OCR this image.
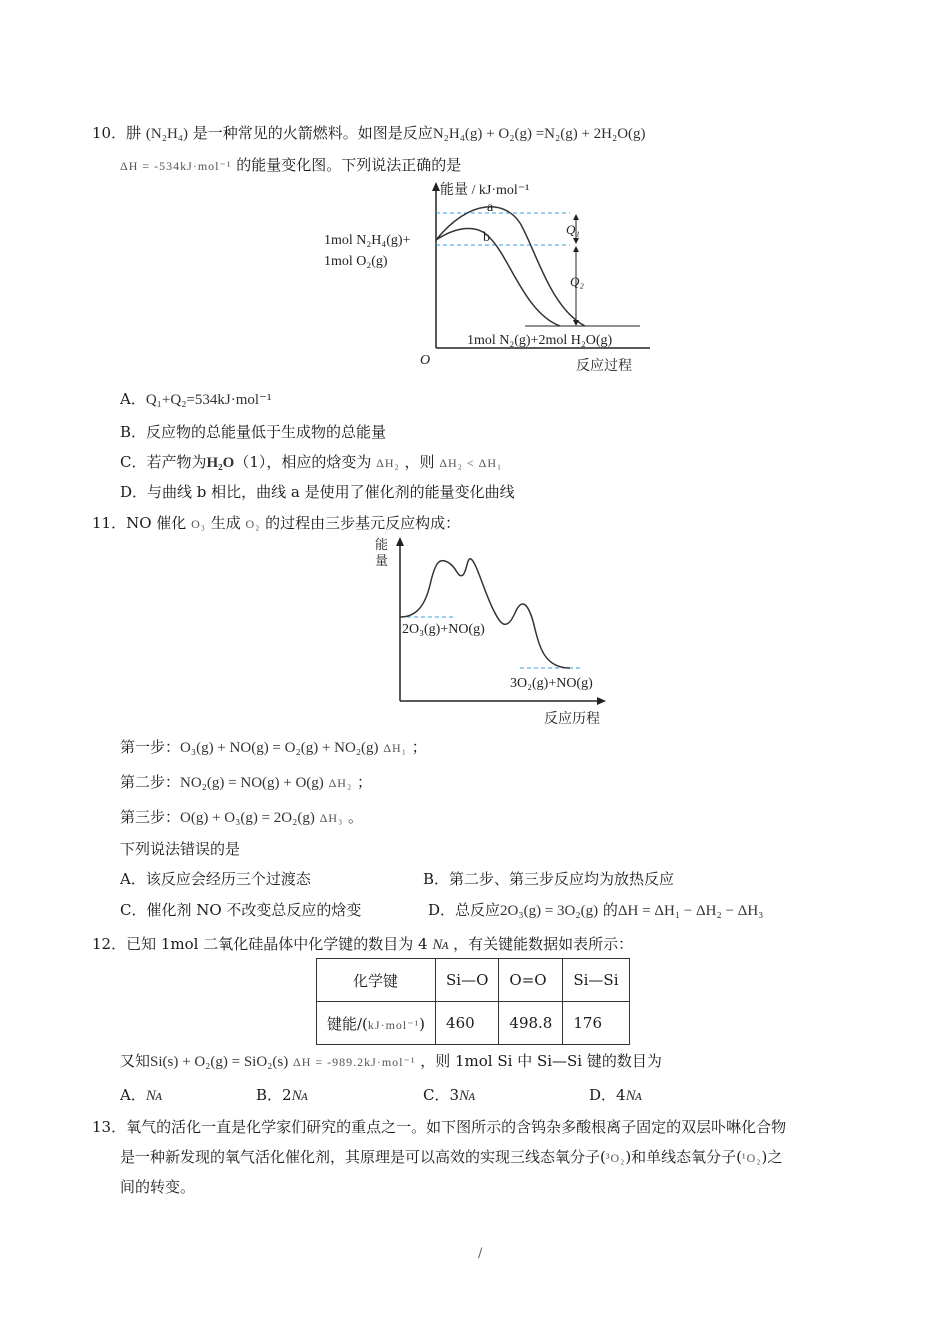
10．肼 (N₂H₄) 是一种常见的火箭燃料。如图是反应N₂H₄(g) + O₂(g) =N₂(g) + 2H₂O(g)
ΔH = -534kJ·mol⁻¹ 的能量变化图。下列说法正确的是
能量 / kJ·mol⁻¹
反应过程
O
1mol N₂H₄(g)+
1mol O₂(g)
1mol N₂(g)+2mol H₂O(g)
a
b
Q₁
Q₂
A．Q₁+Q₂=534kJ·mol⁻¹
B．反应物的总能量低于生成物的总能量
C．若产物为H₂O（1），相应的焓变为 ΔH₂ ，则 ΔH₂ < ΔH₁
D．与曲线 b 相比，曲线 a 是使用了催化剂的能量变化曲线
11．NO 催化 O₃ 生成 O₂ 的过程由三步基元反应构成：
能
量
2O₃(g)+NO(g)
3O₂(g)+NO(g)
反应历程
第一步：O₃(g) + NO(g) = O₂(g) + NO₂(g) ΔH₁ ；
第二步：NO₂(g) = NO(g) + O(g) ΔH₂ ；
第三步：O(g) + O₃(g) = 2O₂(g) ΔH₃ 。
下列说法错误的是
A．该反应会经历三个过渡态	B．第二步、第三步反应均为放热反应
C．催化剂 NO 不改变总反应的焓变	D．总反应2O₃(g) = 3O₂(g) 的ΔH = ΔH₁ − ΔH₂ − ΔH₃
12．已知 1mol 二氧化硅晶体中化学键的数目为 4 Nᴀ ，有关键能数据如表所示：
化学键	Si—O	O=O	Si—Si
键能/(kJ·mol⁻¹)	460	498.8	176
又知Si(s) + O₂(g) = SiO₂(s) ΔH = -989.2kJ·mol⁻¹ ，则 1mol Si 中 Si—Si 键的数目为
A．Nᴀ	B．2Nᴀ	C．3Nᴀ	D．4Nᴀ
13．氧气的活化一直是化学家们研究的重点之一。如下图所示的含钨杂多酸根离子固定的双层卟啉化合物
是一种新发现的氧气活化催化剂，其原理是可以高效的实现三线态氧分子(³O₂)和单线态氧分子(¹O₂)之
间的转变。
/
